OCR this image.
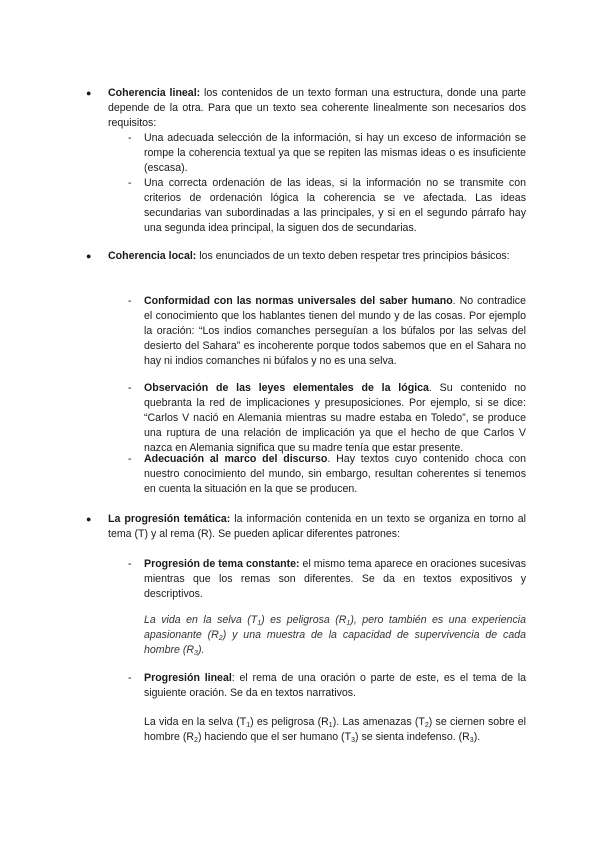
●	Coherencia lineal: los contenidos de un texto forman una estructura, donde una parte depende de la otra. Para que un texto sea coherente linealmente son necesarios dos requisitos:
-	Una adecuada selección de la información, si hay un exceso de información se rompe la coherencia textual ya que se repiten las mismas ideas o es insuficiente (escasa).
-	Una correcta ordenación de las ideas, si la información no se transmite con criterios de ordenación lógica la coherencia se ve afectada. Las ideas secundarias van subordinadas a las principales, y si en el segundo párrafo hay una segunda idea principal, la siguen dos de secundarias.
●	Coherencia local: los enunciados de un texto deben respetar tres principios básicos:
-	Conformidad con las normas universales del saber humano. No contradice el conocimiento que los hablantes tienen del mundo y de las cosas. Por ejemplo la oración: “Los indios comanches perseguían a los búfalos por las selvas del desierto del Sahara” es incoherente porque todos sabemos que en el Sahara no hay ni indios comanches ni búfalos y no es una selva.
-	Observación de las leyes elementales de la lógica. Su contenido no quebranta la red de implicaciones y presuposiciones. Por ejemplo, si se dice: “Carlos V nació en Alemania mientras su madre estaba en Toledo”, se produce una ruptura de una relación de implicación ya que el hecho de que Carlos V nazca en Alemania significa que su madre tenía que estar presente.
-	Adecuación al marco del discurso. Hay textos cuyo contenido choca con nuestro conocimiento del mundo, sin embargo, resultan coherentes si tenemos en cuenta la situación en la que se producen.
●	La progresión temática: la información contenida en un texto se organiza en torno al tema (T) y al rema (R). Se pueden aplicar diferentes patrones:
-	Progresión de tema constante: el mismo tema aparece en oraciones sucesivas mientras que los remas son diferentes. Se da en textos expositivos y descriptivos.
La vida en la selva $(T_1)$ es peligrosa $(R_1)$, pero también es una experiencia apasionante $(R_2)$ y una muestra de la capacidad de supervivencia de cada hombre $(R_3)$.
-	Progresión lineal: el rema de una oración o parte de este, es el tema de la siguiente oración. Se da en textos narrativos.
La vida en la selva $(T_1)$ es peligrosa $(R_1)$. Las amenazas $(T_2)$ se ciernen sobre el hombre $(R_2)$ haciendo que el ser humano $(T_3)$ se sienta indefenso. $(R_3)$.
